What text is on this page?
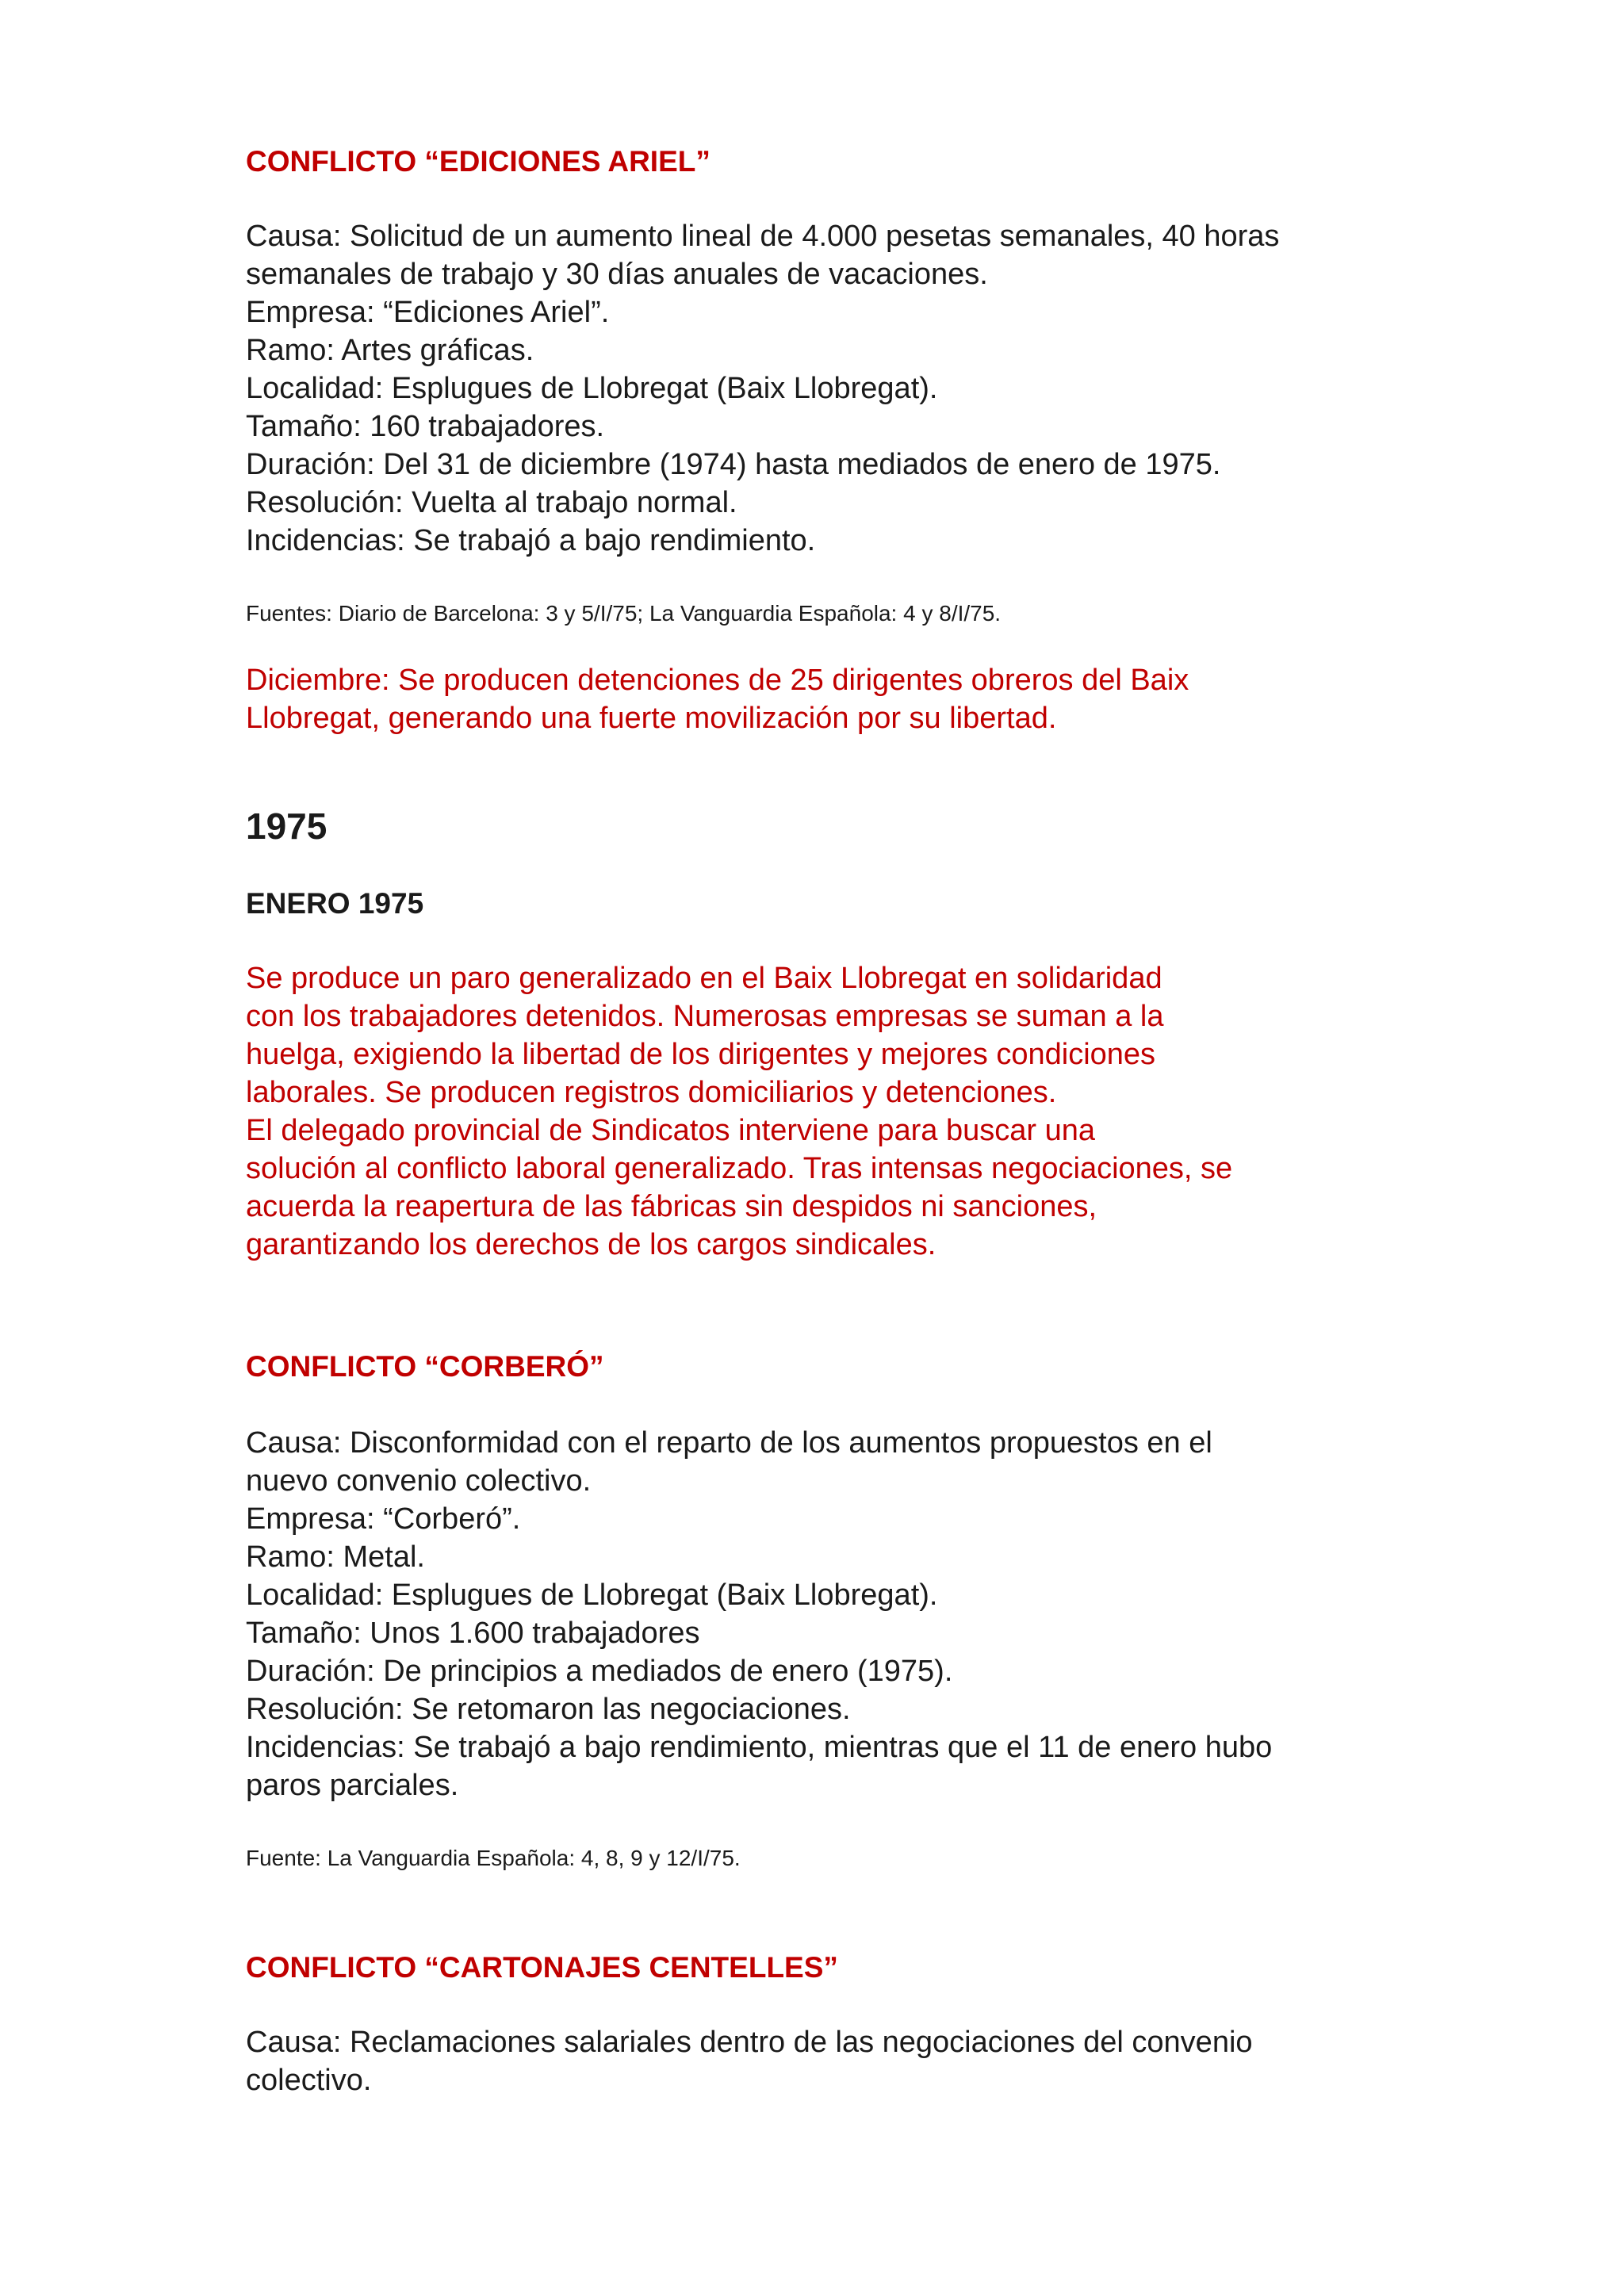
CONFLICTO “EDICIONES ARIEL”
Causa: Solicitud de un aumento lineal de 4.000 pesetas semanales, 40 horas
semanales de trabajo y 30 días anuales de vacaciones.
Empresa: “Ediciones Ariel”.
Ramo: Artes gráficas.
Localidad: Esplugues de Llobregat (Baix Llobregat).
Tamaño: 160 trabajadores.
Duración: Del 31 de diciembre (1974) hasta mediados de enero de 1975.
Resolución: Vuelta al trabajo normal.
Incidencias: Se trabajó a bajo rendimiento.

Fuentes: Diario de Barcelona: 3 y 5/I/75; La Vanguardia Española: 4 y 8/I/75.

Diciembre: Se producen detenciones de 25 dirigentes obreros del Baix
Llobregat, generando una fuerte movilización por su libertad.
1975
ENERO 1975
Se produce un paro generalizado en el Baix Llobregat en solidaridad
con los trabajadores detenidos. Numerosas empresas se suman a la
huelga, exigiendo la libertad de los dirigentes y mejores condiciones
laborales. Se producen registros domiciliarios y detenciones.
El delegado provincial de Sindicatos interviene para buscar una
solución al conflicto laboral generalizado. Tras intensas negociaciones, se
acuerda la reapertura de las fábricas sin despidos ni sanciones,
garantizando los derechos de los cargos sindicales.
CONFLICTO “CORBERÓ”
Causa: Disconformidad con el reparto de los aumentos propuestos en el
nuevo convenio colectivo.
Empresa: “Corberó”.
Ramo: Metal.
Localidad: Esplugues de Llobregat (Baix Llobregat).
Tamaño: Unos 1.600 trabajadores
Duración: De principios a mediados de enero (1975).
Resolución: Se retomaron las negociaciones.
Incidencias: Se trabajó a bajo rendimiento, mientras que el 11 de enero hubo
paros parciales.

Fuente: La Vanguardia Española: 4, 8, 9 y 12/I/75.

CONFLICTO “CARTONAJES CENTELLES”
Causa: Reclamaciones salariales dentro de las negociaciones del convenio
colectivo.
